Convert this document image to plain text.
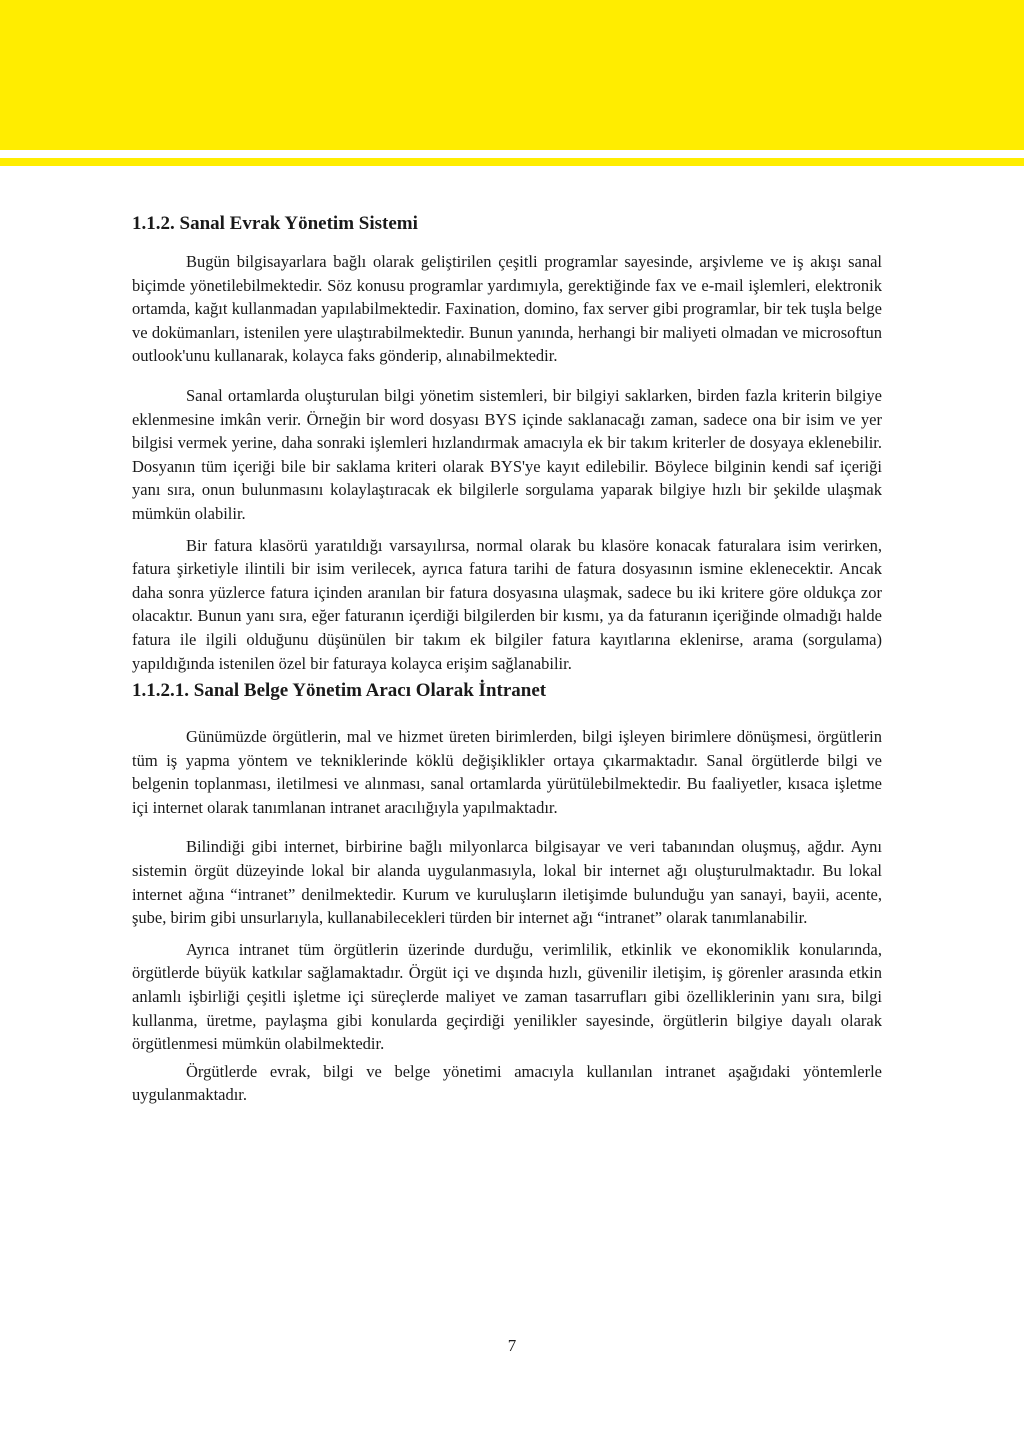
1.1.2. Sanal Evrak Yönetim Sistemi

Bugün bilgisayarlara bağlı olarak geliştirilen çeşitli programlar sayesinde, arşivleme ve iş akışı sanal biçimde yönetilebilmektedir. Söz konusu programlar yardımıyla, gerektiğinde fax ve e-mail işlemleri, elektronik ortamda, kağıt kullanmadan yapılabilmektedir. Faxination, domino, fax server gibi programlar, bir tek tuşla belge ve dokümanları, istenilen yere ulaştırabilmektedir. Bunun yanında, herhangi bir maliyeti olmadan ve microsoftun outlook'unu kullanarak, kolayca faks gönderip, alınabilmektedir.

Sanal ortamlarda oluşturulan bilgi yönetim sistemleri, bir bilgiyi saklarken, birden fazla kriterin bilgiye eklenmesine imkân verir. Örneğin bir word dosyası BYS içinde saklanacağı zaman, sadece ona bir isim ve yer bilgisi vermek yerine, daha sonraki işlemleri hızlandırmak amacıyla ek bir takım kriterler de dosyaya eklenebilir. Dosyanın tüm içeriği bile bir saklama kriteri olarak BYS'ye kayıt edilebilir. Böylece bilginin kendi saf içeriği yanı sıra, onun bulunmasını kolaylaştıracak ek bilgilerle sorgulama yaparak bilgiye hızlı bir şekilde ulaşmak mümkün olabilir.

Bir fatura klasörü yaratıldığı varsayılırsa, normal olarak bu klasöre konacak faturalara isim verirken, fatura şirketiyle ilintili bir isim verilecek, ayrıca fatura tarihi de fatura dosyasının ismine eklenecektir. Ancak daha sonra yüzlerce fatura içinden aranılan bir fatura dosyasına ulaşmak, sadece bu iki kritere göre oldukça zor olacaktır. Bunun yanı sıra, eğer faturanın içerdiği bilgilerden bir kısmı, ya da faturanın içeriğinde olmadığı halde fatura ile ilgili olduğunu düşünülen bir takım ek bilgiler fatura kayıtlarına eklenirse, arama (sorgulama) yapıldığında istenilen özel bir faturaya kolayca erişim sağlanabilir.

1.1.2.1. Sanal Belge Yönetim Aracı Olarak İntranet

Günümüzde örgütlerin, mal ve hizmet üreten birimlerden, bilgi işleyen birimlere dönüşmesi, örgütlerin tüm iş yapma yöntem ve tekniklerinde köklü değişiklikler ortaya çıkarmaktadır. Sanal örgütlerde bilgi ve belgenin toplanması, iletilmesi ve alınması, sanal ortamlarda yürütülebilmektedir. Bu faaliyetler, kısaca işletme içi internet olarak tanımlanan intranet aracılığıyla yapılmaktadır.

Bilindiği gibi internet, birbirine bağlı milyonlarca bilgisayar ve veri tabanından oluşmuş, ağdır. Aynı sistemin örgüt düzeyinde lokal bir alanda uygulanmasıyla, lokal bir internet ağı oluşturulmaktadır. Bu lokal internet ağına “intranet” denilmektedir. Kurum ve kuruluşların iletişimde bulunduğu yan sanayi, bayii, acente, şube, birim gibi unsurlarıyla, kullanabilecekleri türden bir internet ağı “intranet” olarak tanımlanabilir.

Ayrıca intranet tüm örgütlerin üzerinde durduğu, verimlilik, etkinlik ve ekonomiklik konularında, örgütlerde büyük katkılar sağlamaktadır. Örgüt içi ve dışında hızlı, güvenilir iletişim, iş görenler arasında etkin anlamlı işbirliği çeşitli işletme içi süreçlerde maliyet ve zaman tasarrufları gibi özelliklerinin yanı sıra, bilgi kullanma, üretme, paylaşma gibi konularda geçirdiği yenilikler sayesinde, örgütlerin bilgiye dayalı olarak örgütlenmesi mümkün olabilmektedir.

Örgütlerde evrak, bilgi ve belge yönetimi amacıyla kullanılan intranet aşağıdaki yöntemlerle uygulanmaktadır.

7
